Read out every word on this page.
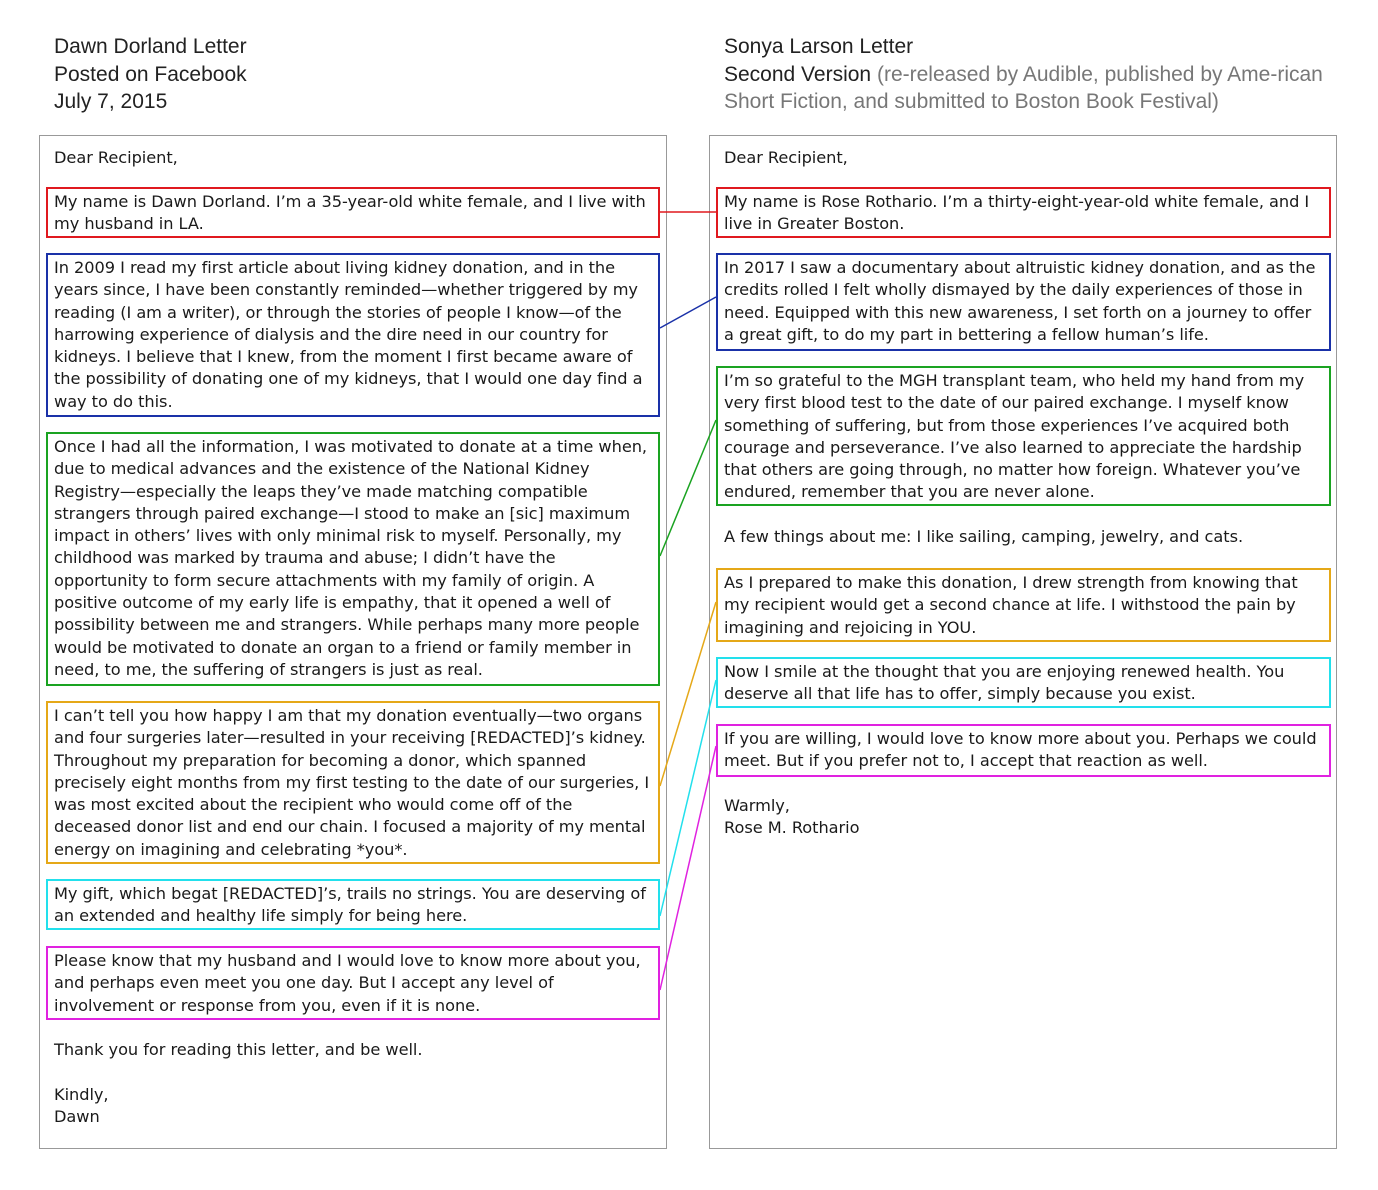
Dawn Dorland Letter
Posted on Facebook
July 7, 2015
Sonya Larson Letter
Second Version (re-released by Audible, published by Ame-rican Short Fiction, and submitted to Boston Book Festival)
Dear Recipient,
My name is Dawn Dorland. I’m a 35-year-old white female, and I live with my husband in LA.
In 2009 I read my first article about living kidney donation, and in the years since, I have been constantly reminded—whether triggered by my reading (I am a writer), or through the stories of people I know—of the harrowing experience of dialysis and the dire need in our country for kidneys. I believe that I knew, from the moment I first became aware of the possibility of donating one of my kidneys, that I would one day find a way to do this.
Once I had all the information, I was motivated to donate at a time when, due to medical advances and the existence of the National Kidney Registry—especially the leaps they’ve made matching compatible strangers through paired exchange—I stood to make an [sic] maximum impact in others’ lives with only minimal risk to myself. Personally, my childhood was marked by trauma and abuse; I didn’t have the opportunity to form secure attachments with my family of origin. A positive outcome of my early life is empathy, that it opened a well of possibility between me and strangers. While perhaps many more people would be motivated to donate an organ to a friend or family member in need, to me, the suffering of strangers is just as real.
I can’t tell you how happy I am that my donation eventually—two organs and four surgeries later—resulted in your receiving [REDACTED]’s kidney. Throughout my preparation for becoming a donor, which spanned precisely eight months from my first testing to the date of our surgeries, I was most excited about the recipient who would come off of the deceased donor list and end our chain. I focused a majority of my mental energy on imagining and celebrating *you*.
My gift, which begat [REDACTED]’s, trails no strings. You are deserving of an extended and healthy life simply for being here.
Please know that my husband and I would love to know more about you, and perhaps even meet you one day. But I accept any level of involvement or response from you, even if it is none.
Thank you for reading this letter, and be well.
Kindly,
Dawn
Dear Recipient,
My name is Rose Rothario. I’m a thirty-eight-year-old white female, and I live in Greater Boston.
In 2017 I saw a documentary about altruistic kidney donation, and as the credits rolled I felt wholly dismayed by the daily experiences of those in need. Equipped with this new awareness, I set forth on a journey to offer a great gift, to do my part in bettering a fellow human’s life.
I’m so grateful to the MGH transplant team, who held my hand from my very first blood test to the date of our paired exchange. I myself know something of suffering, but from those experiences I’ve acquired both courage and perseverance. I’ve also learned to appreciate the hardship that others are going through, no matter how foreign. Whatever you’ve endured, remember that you are never alone.
A few things about me: I like sailing, camping, jewelry, and cats.
As I prepared to make this donation, I drew strength from knowing that my recipient would get a second chance at life. I withstood the pain by imagining and rejoicing in YOU.
Now I smile at the thought that you are enjoying renewed health. You deserve all that life has to offer, simply because you exist.
If you are willing, I would love to know more about you. Perhaps we could meet. But if you prefer not to, I accept that reaction as well.
Warmly,
Rose M. Rothario
